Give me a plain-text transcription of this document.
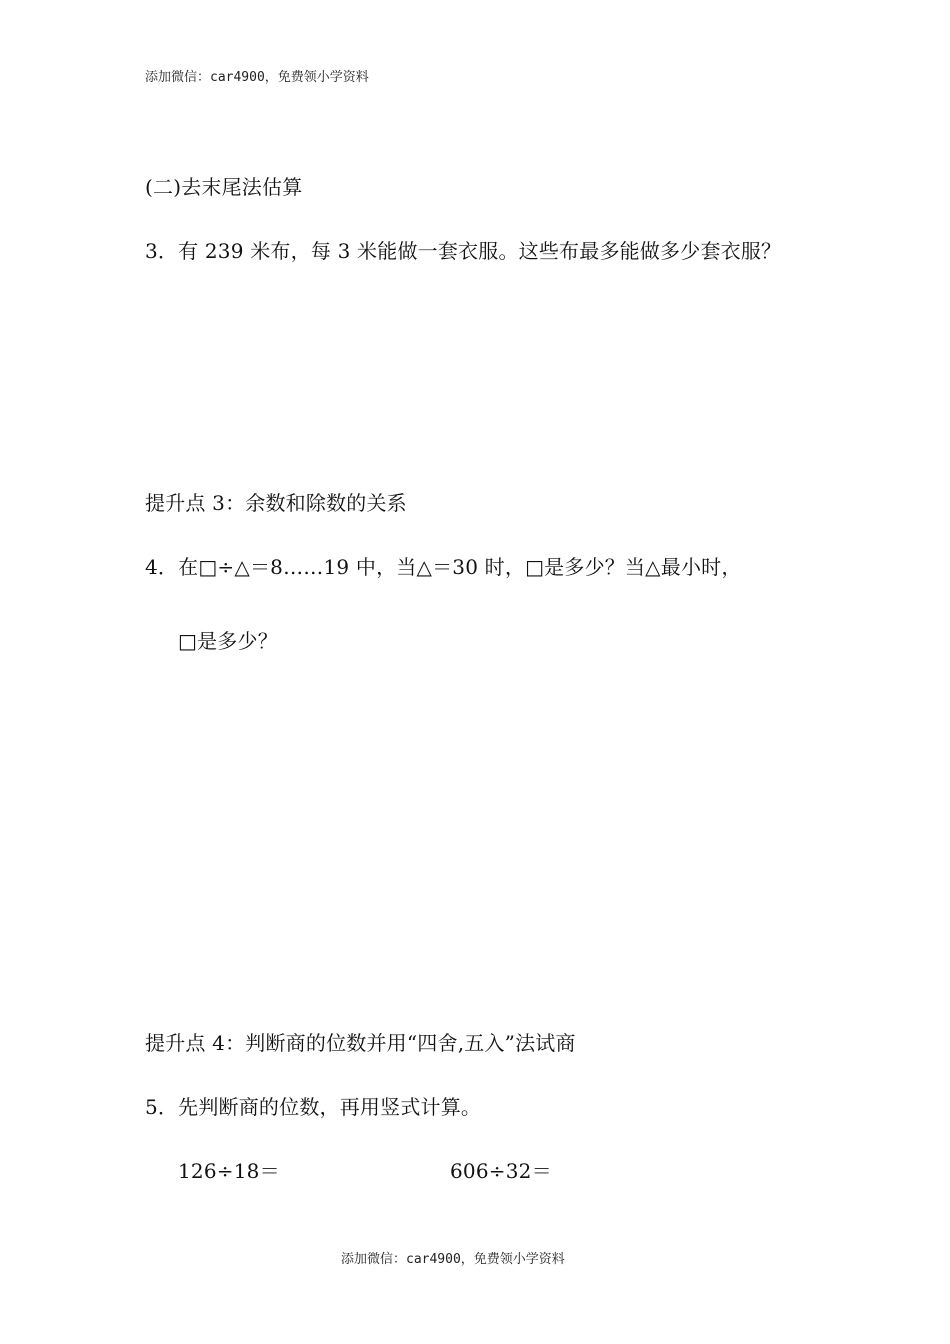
添加微信：car4900，免费领小学资料
(二)去末尾法估算
3．有 239 米布，每 3 米能做一套衣服。这些布最多能做多少套衣服？
提升点 3：余数和除数的关系
4．在□÷△＝8……19 中，当△＝30 时，□是多少？当△最小时，
□是多少？
提升点 4：判断商的位数并用“四舍,五入”法试商
5．先判断商的位数，再用竖式计算。
126÷18＝	606÷32＝
添加微信：car4900，免费领小学资料
